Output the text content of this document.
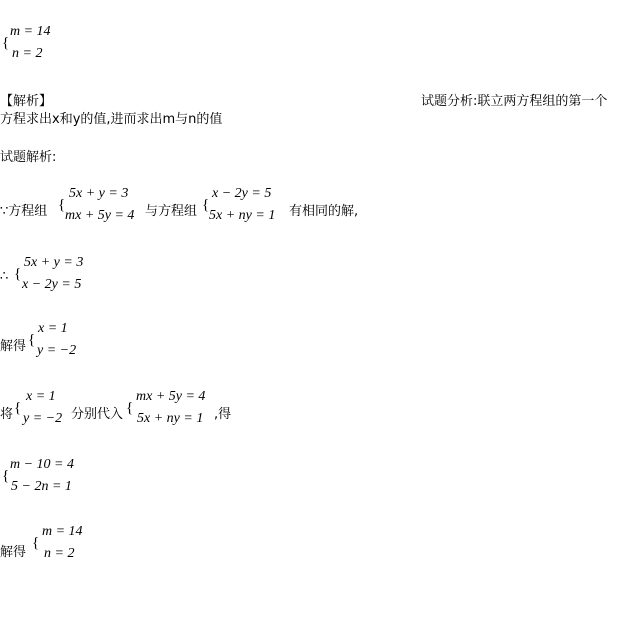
{
m = 14
n = 2
【解析】	试题分析:联立两方程组的第一个
方程求出x和y的值,进而求出m与n的值
试题解析:
∵方程组 {
5x + y = 3
mx + 5y = 4 与方程组 {
x − 2y = 5
5x + ny = 1 有相同的解,
∴ {
5x + y = 3
x − 2y = 5
解得 {
x = 1
y = −2
将 {
x = 1
y = −2 分别代入 {
mx + 5y = 4
5x + ny = 1 ,得
{
m − 10 = 4
5 − 2n = 1
解得
{
m = 14
n = 2
